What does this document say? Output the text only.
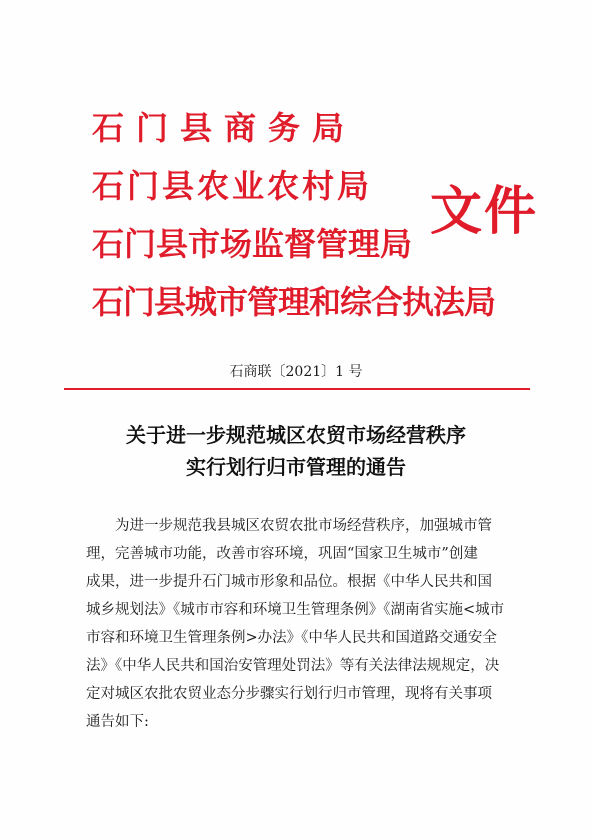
石门县商务局

石门县农业农村局

石门县市场监督管理局

石门县城市管理和综合执法局

文件

石商联〔2021〕1 号

关于进一步规范城区农贸市场经营秩序
实行划行归市管理的通告
为进一步规范我县城区农贸农批市场经营秩序，加强城市管
理，完善城市功能，改善市容环境，巩固“国家卫生城市”创建
成果，进一步提升石门城市形象和品位。根据《中华人民共和国
城乡规划法》《城市市容和环境卫生管理条例》《湖南省实施<城市
市容和环境卫生管理条例>办法》《中华人民共和国道路交通安全
法》《中华人民共和国治安管理处罚法》等有关法律法规规定，决
定对城区农批农贸业态分步骤实行划行归市管理，现将有关事项
通告如下:
